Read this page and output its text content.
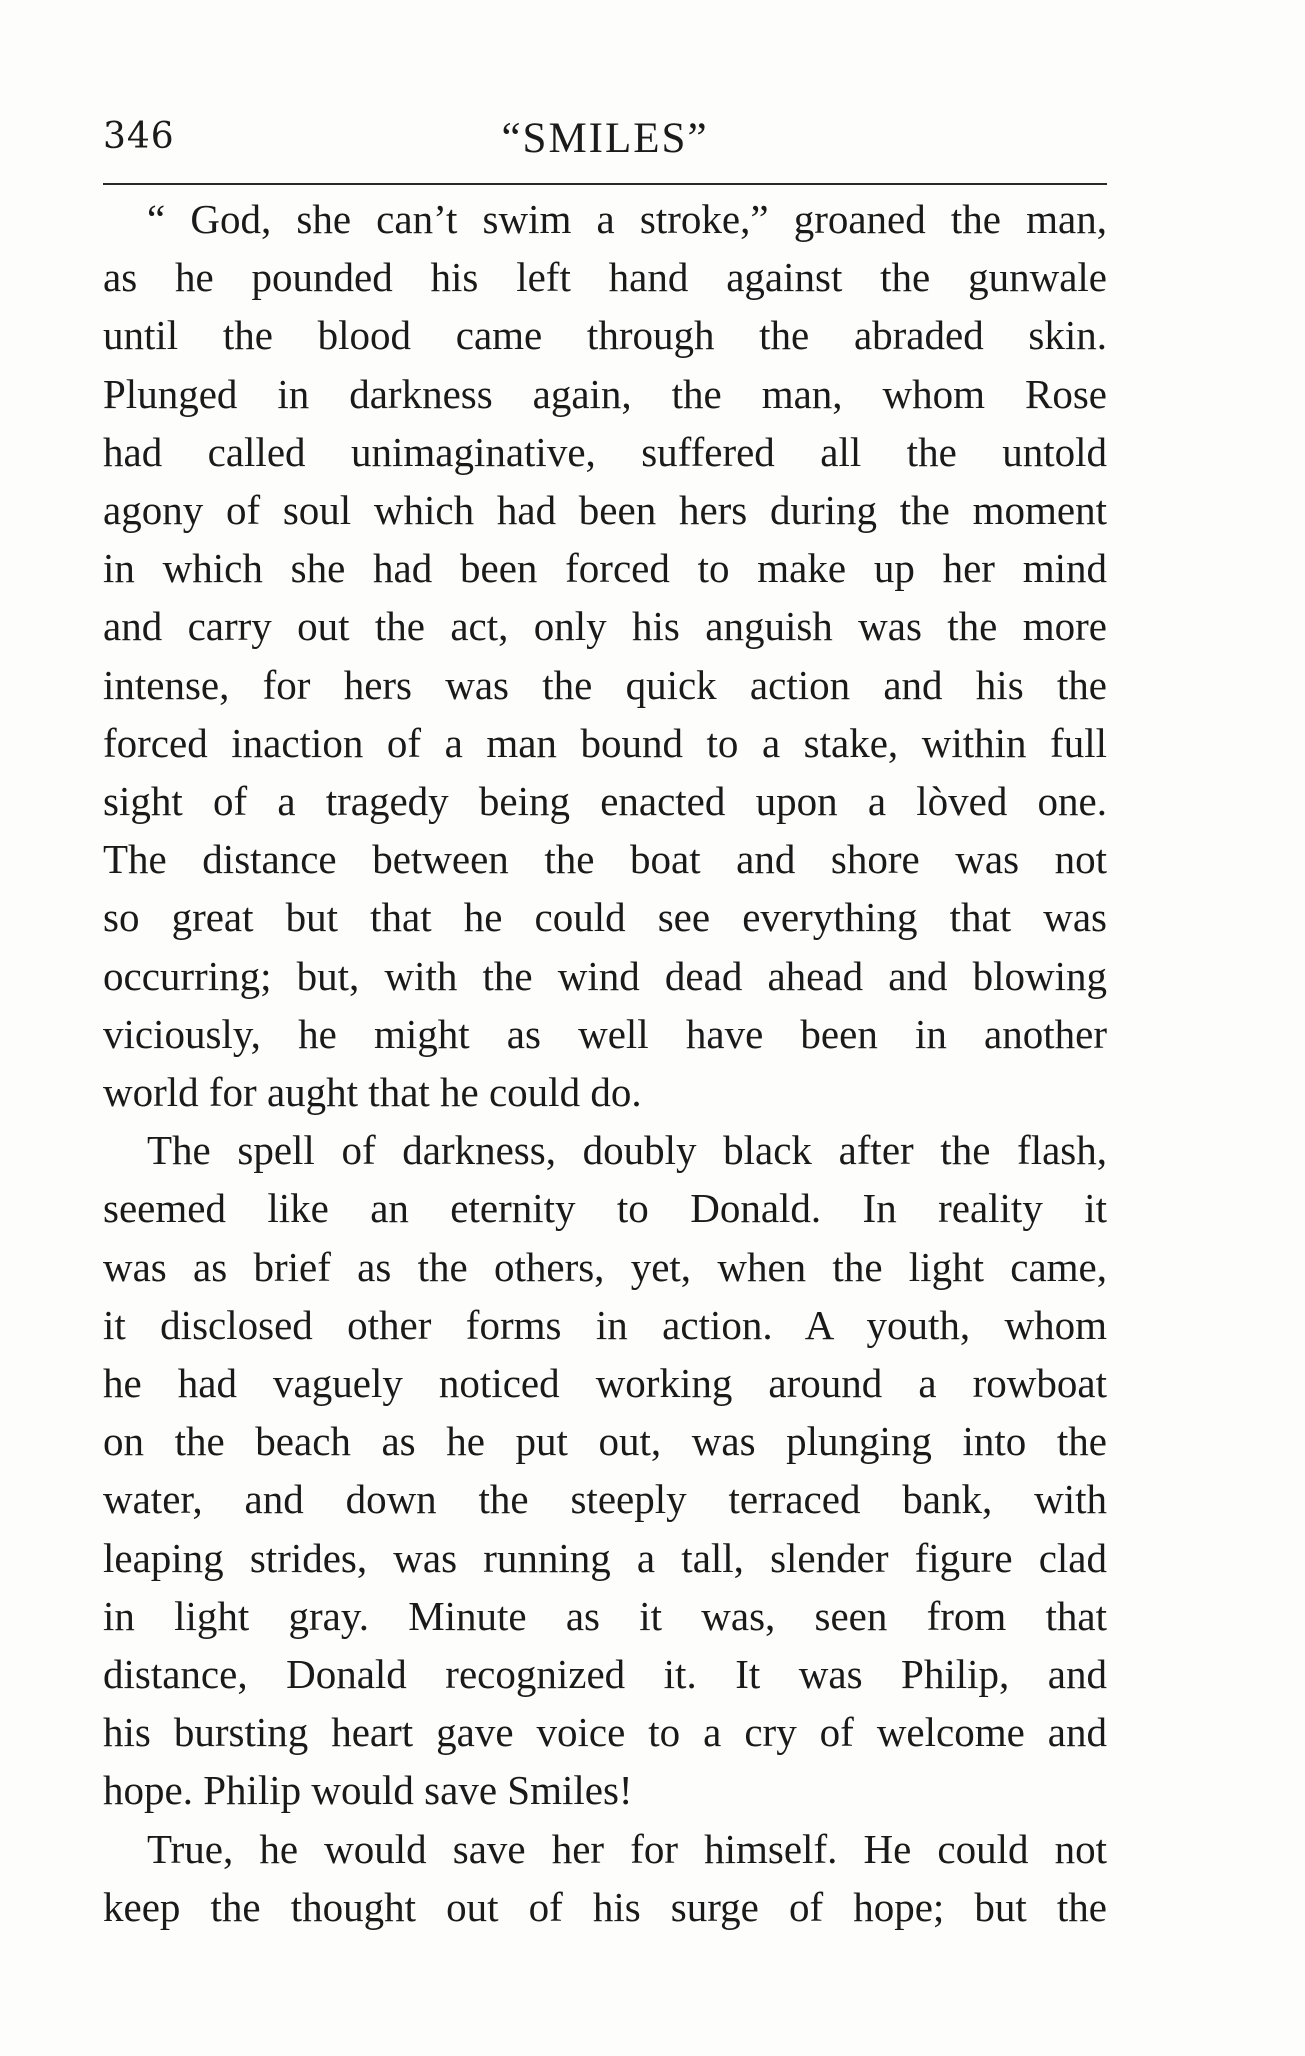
346	“SMILES”
“ God, she can’t swim a stroke,” groaned the man,
as he pounded his left hand against the gunwale
until the blood came through the abraded skin.
Plunged in darkness again, the man, whom Rose
had called unimaginative, suffered all the untold
agony of soul which had been hers during the moment
in which she had been forced to make up her mind
and carry out the act, only his anguish was the more
intense, for hers was the quick action and his the
forced inaction of a man bound to a stake, within full
sight of a tragedy being enacted upon a lòved one.
The distance between the boat and shore was not
so great but that he could see everything that was
occurring; but, with the wind dead ahead and blowing
viciously, he might as well have been in another
world for aught that he could do.
The spell of darkness, doubly black after the flash,
seemed like an eternity to Donald. In reality it
was as brief as the others, yet, when the light came,
it disclosed other forms in action. A youth, whom
he had vaguely noticed working around a rowboat
on the beach as he put out, was plunging into the
water, and down the steeply terraced bank, with
leaping strides, was running a tall, slender figure clad
in light gray. Minute as it was, seen from that
distance, Donald recognized it. It was Philip, and
his bursting heart gave voice to a cry of welcome and
hope. Philip would save Smiles!
True, he would save her for himself. He could not
keep the thought out of his surge of hope; but the
